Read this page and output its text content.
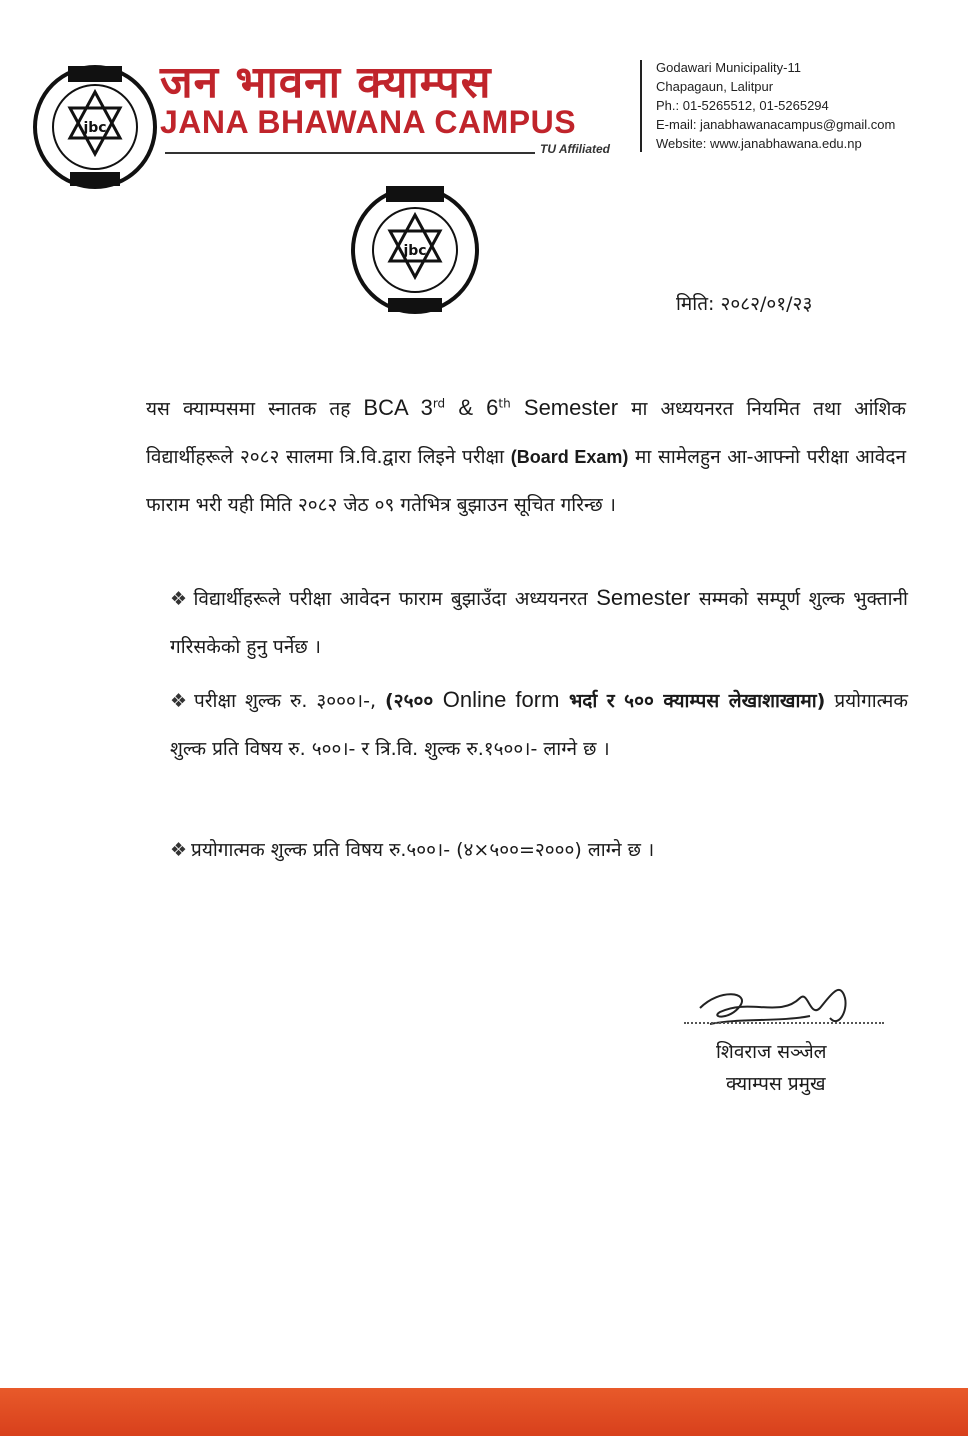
jbc
जन भावना क्याम्पस
JANA BHAWANA CAMPUS
TU Affiliated
Godawari Municipality-11
Chapagaun, Lalitpur
Ph.: 01-5265512, 01-5265294
E-mail: janabhawanacampus@gmail.com
Website: www.janabhawana.edu.np
jbc
मिति: २०८२/०१/२३
यस क्याम्पसमा स्नातक तह BCA 3rd & 6th Semester मा अध्ययनरत नियमित तथा आंशिक विद्यार्थीहरूले २०८२ सालमा त्रि.वि.द्वारा लिइने परीक्षा (Board Exam) मा सामेलहुन आ-आफ्नो परीक्षा आवेदन फाराम भरी यही मिति २०८२ जेठ ०९ गतेभित्र बुझाउन सूचित गरिन्छ ।
❖ विद्यार्थीहरूले परीक्षा आवेदन फाराम बुझाउँदा अध्ययनरत Semester सम्मको सम्पूर्ण शुल्क भुक्तानी गरिसकेको हुनु पर्नेछ ।
❖ परीक्षा शुल्क रु. ३०००।-, (२५०० Online form भर्दा र ५०० क्याम्पस लेखाशाखामा) प्रयोगात्मक शुल्क प्रति विषय रु. ५००।- र त्रि.वि. शुल्क रु.१५००।- लाग्ने छ ।
❖ प्रयोगात्मक शुल्क प्रति विषय रु.५००।- (४×५००=२०००) लाग्ने छ ।
शिवराज सञ्जेल
क्याम्पस प्रमुख
